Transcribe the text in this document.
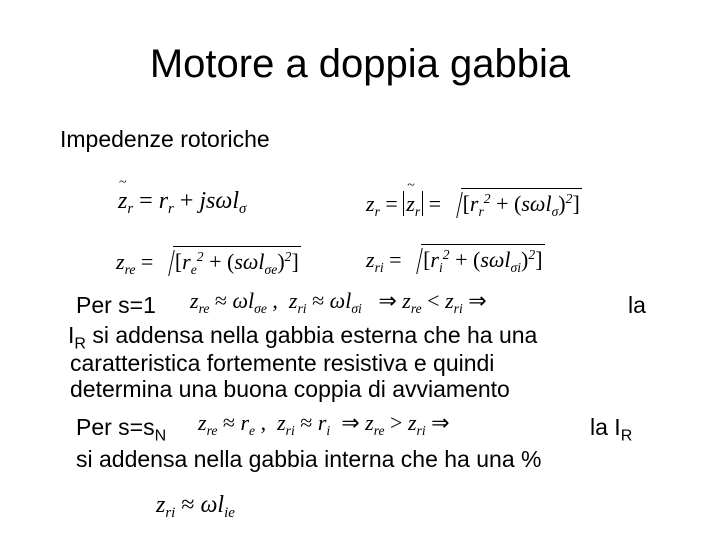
Motore a doppia gabbia
Impedenze rotoriche
~ $z_r = r_r + js\omega l_\sigma$	$z_r$ = ~ $z_r = [r_r^2 + (s\omega l_\sigma)^2]$
$z_{re} = [r_e^2 + (s\omega l_{\sigma e})^2]$	$z_{ri} = [r_i^2 + (s\omega l_{\sigma i})^2]$
Per s=1 $z_{re} \approx \omega l_{\sigma e}$ ,  $z_{ri} \approx \omega l_{\sigma i}$ ⇒ $z_{re} < z_{ri}$ ⇒	la
$I_R$ si addensa nella gabbia esterna che ha una
caratteristica fortemente resistiva e quindi
determina una buona coppia di avviamento
Per $s=s_N$
$z_{re} \approx r_e$ ,  $z_{ri} \approx r_i$ ⇒ $z_{re} > z_{ri}$ ⇒	la $I_R$
si addensa nella gabbia interna che ha una %
$z_{ri} \approx \omega l_{ie}$
